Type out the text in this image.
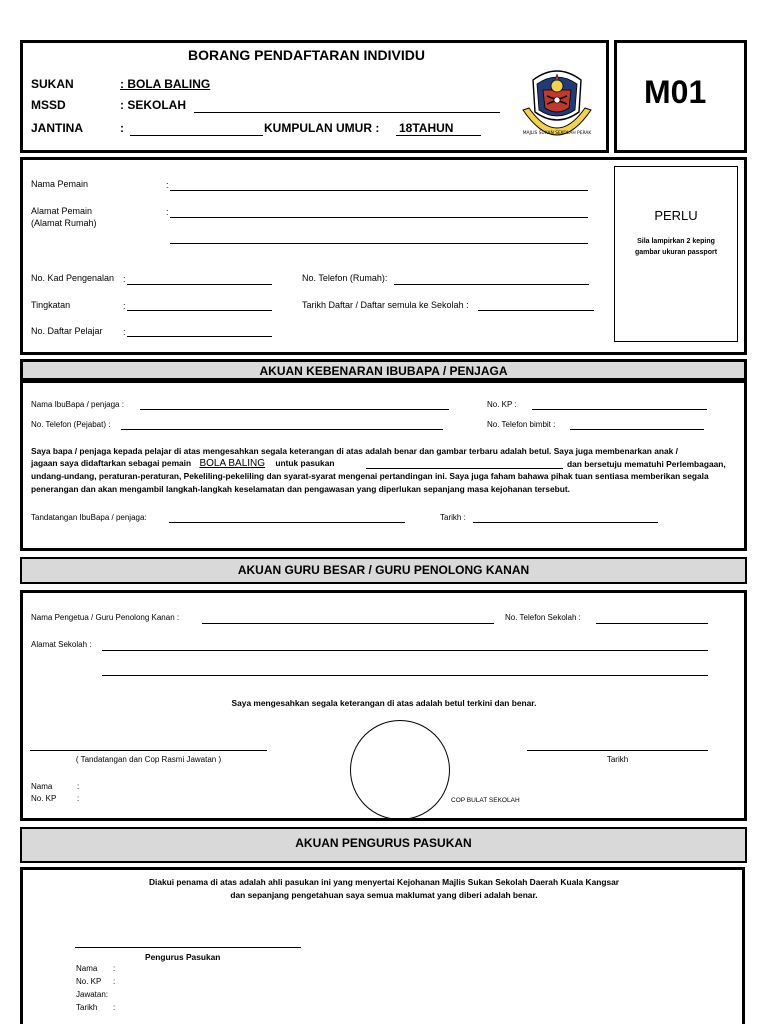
BORANG PENDAFTARAN INDIVIDU
SUKAN	: BOLA BALING
MSSD	: SEKOLAH
JANTINA	:	KUMPULAN UMUR : 18TAHUN	MAJLIS SUKAN SEKOLAH PERAK
M01
Nama Pemain	:
Alamat Pemain
(Alamat Rumah)
:
No. Kad Pengenalan :	No. Telefon (Rumah):
Tingkatan	:	Tarikh Daftar / Daftar semula ke Sekolah :
No. Daftar Pelajar :
PERLU
Sila lampirkan 2 keping
gambar ukuran passport
AKUAN KEBENARAN IBUBAPA / PENJAGA
Nama IbuBapa / penjaga :	No. KP :
No. Telefon (Pejabat) :	No. Telefon bimbit :
Saya bapa / penjaga kepada pelajar di atas mengesahkan segala keterangan di atas adalah benar dan gambar terbaru adalah betul. Saya juga membenarkan anak /
jagaan saya didaftarkan sebagai pemain BOLA BALING untuk pasukan	dan bersetuju mematuhi Perlembagaan,
undang-undang, peraturan-peraturan, Pekeliling-pekeliling dan syarat-syarat mengenai pertandingan ini. Saya juga faham bahawa pihak tuan sentiasa memberikan segala
penerangan dan akan mengambil langkah-langkah keselamatan dan pengawasan yang diperlukan sepanjang masa kejohanan tersebut.
Tandatangan IbuBapa / penjaga:	Tarikh :
AKUAN GURU BESAR / GURU PENOLONG KANAN
Nama Pengetua / Guru Penolong Kanan :	No. Telefon Sekolah :
Alamat Sekolah :
Saya mengesahkan segala keterangan di atas adalah betul terkini dan benar.
( Tandatangan dan Cop Rasmi Jawatan )
COP BULAT SEKOLAH
Tarikh
Nama	:
No. KP	:
AKUAN PENGURUS PASUKAN
Diakui penama di atas adalah ahli pasukan ini yang menyertai Kejohanan Majlis Sukan Sekolah Daerah Kuala Kangsar
dan sepanjang pengetahuan saya semua maklumat yang diberi adalah benar.
Pengurus Pasukan
Nama :
No. KP :
Jawatan:
Tarikh :
